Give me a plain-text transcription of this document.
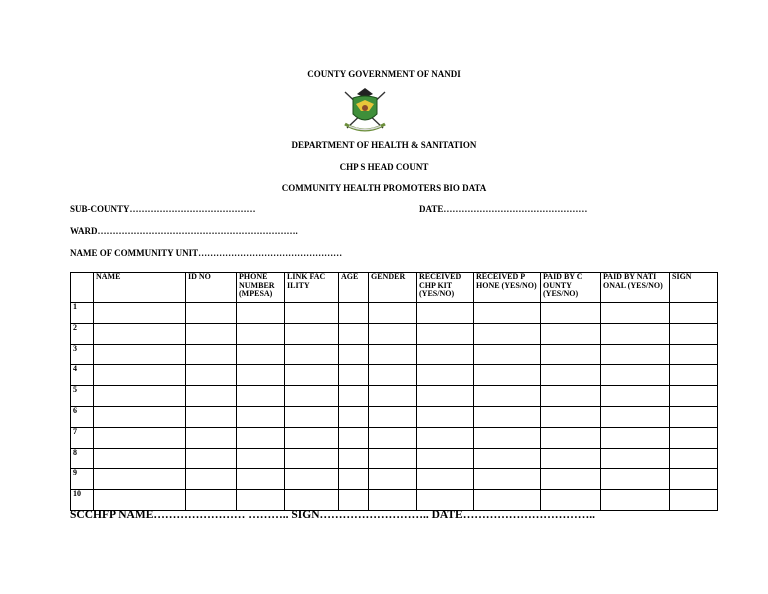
COUNTY GOVERNMENT OF NANDI
DEPARTMENT OF HEALTH & SANITATION
CHP S HEAD COUNT
COMMUNITY HEALTH PROMOTERS BIO DATA
SUB-COUNTY……………………………………	DATE…………………………………………
WARD………………………………………………………….
NAME OF COMMUNITY UNIT…………………………………………
	NAME	ID NO	PHONE NUMBER (MPESA)	LINK FAC ILITY	AGE	GENDER	RECEIVED CHP KIT (YES/NO)	RECEIVED P HONE (YES/NO)	PAID BY C OUNTY (YES/NO)	PAID BY NATI ONAL (YES/NO)	SIGN
1											
2											
3											
4											
5											
6											
7											
8											
9											
10											
SCCHFP NAME…………………… ……….. SIGN……………………….. DATE……………………………..
